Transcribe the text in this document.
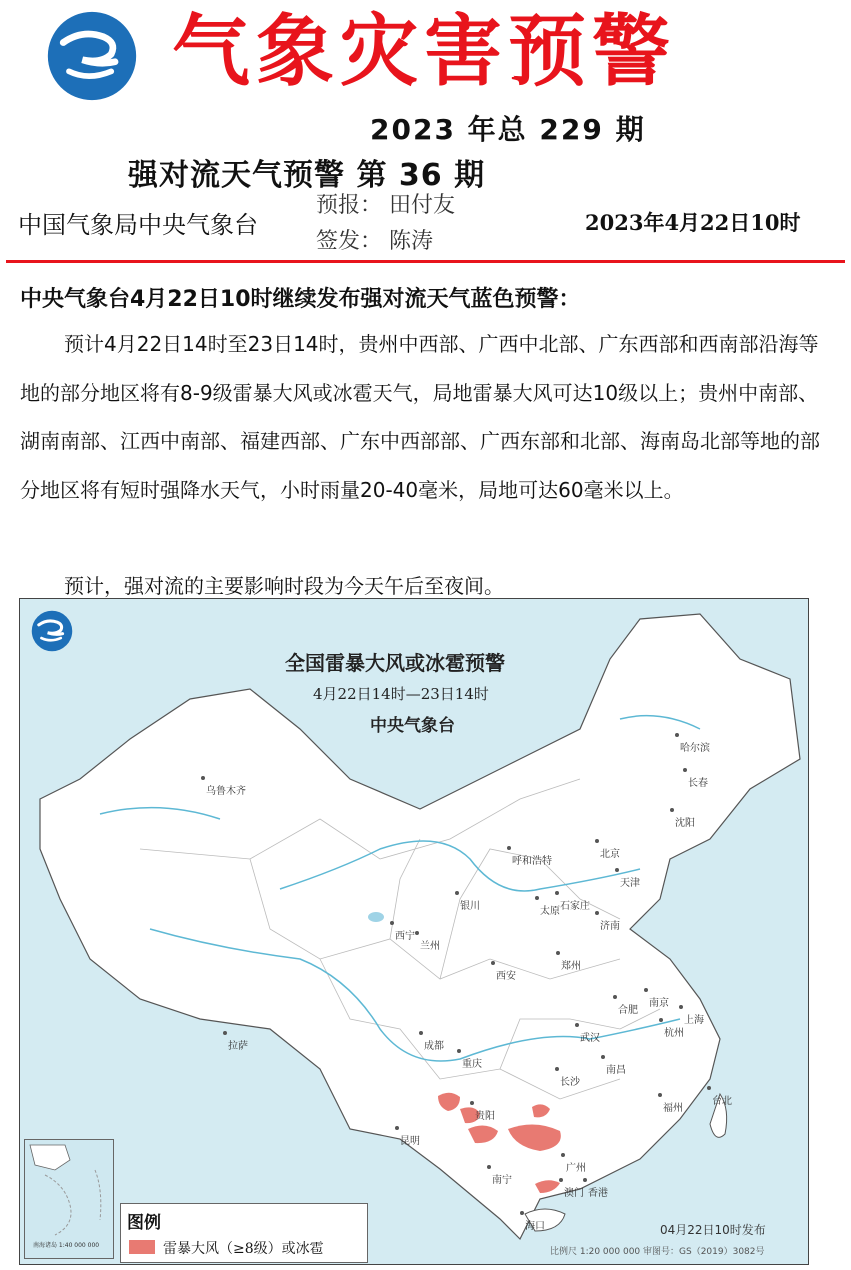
气象灾害预警
2023 年总 229 期
强对流天气预警 第 36 期
中国气象局中央气象台
预报： 田付友
签发： 陈涛
2023年4月22日10时
中央气象台4月22日10时继续发布强对流天气蓝色预警：
预计4月22日14时至23日14时，贵州中西部、广西中北部、广东西部和西南部沿海等地的部分地区将有8-9级雷暴大风或冰雹天气，局地雷暴大风可达10级以上；贵州中南部、湖南南部、江西中南部、福建西部、广东中西部部、广西东部和北部、海南岛北部等地的部分地区将有短时强降水天气，小时雨量20-40毫米，局地可达60毫米以上。
预计，强对流的主要影响时段为今天午后至夜间。
全国雷暴大风或冰雹预警
4月22日14时—23日14时
中央气象台
乌鲁木齐
哈尔滨
长春
沈阳
呼和浩特
北京
天津
银川	太原 石家庄
西宁
兰州
济南
西安
郑州
合肥
南京
上海
杭州
拉萨	成都
武汉
重庆
长沙
南昌
贵阳
福州
台北
昆明
广州
南宁
澳门 香港
海口
南海诸岛 1:40 000 000
图例
雷暴大风（≥8级）或冰雹
04月22日10时发布
比例尺 1:20 000 000 审图号：GS（2019）3082号
